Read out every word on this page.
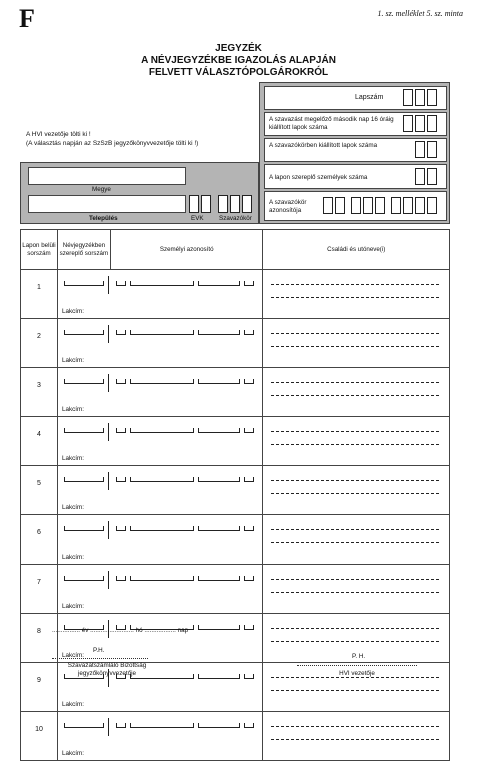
F	1. sz. melléklet 5. sz. minta
JEGYZÉK
A NÉVJEGYZÉKBE IGAZOLÁS ALAPJÁN
FELVETT VÁLASZTÓPOLGÁROKRÓL
A HVI vezetője tölti ki !
(A választás napján az SzSzB jegyzőkönyvvezetője tölti ki !)
Lapszám
A szavazást megelőző második nap 16 óráig kiállított lapok száma
A szavazókörben kiállított lapok száma
A lapon szereplő személyek száma
A szavazókör azonosítója
Megye
Település	EVK Szavazókör
Lapon belüli sorszám	Névjegyzékben szereplő sorszám	Személyi azonosító	Családi és utóneve(i)
1	Lakcím:		

2	Lakcím:		

3	Lakcím:		

4	Lakcím:		

5	Lakcím:		

6	Lakcím:		

7	Lakcím:		

8	Lakcím:		

9	Lakcím:		

10	Lakcím:		

................ év ......................... hó .................. nap
P.H.
Szavazatszámláló Bizottság
jegyzőkönyvvezetője
P. H.
HVI vezetője
